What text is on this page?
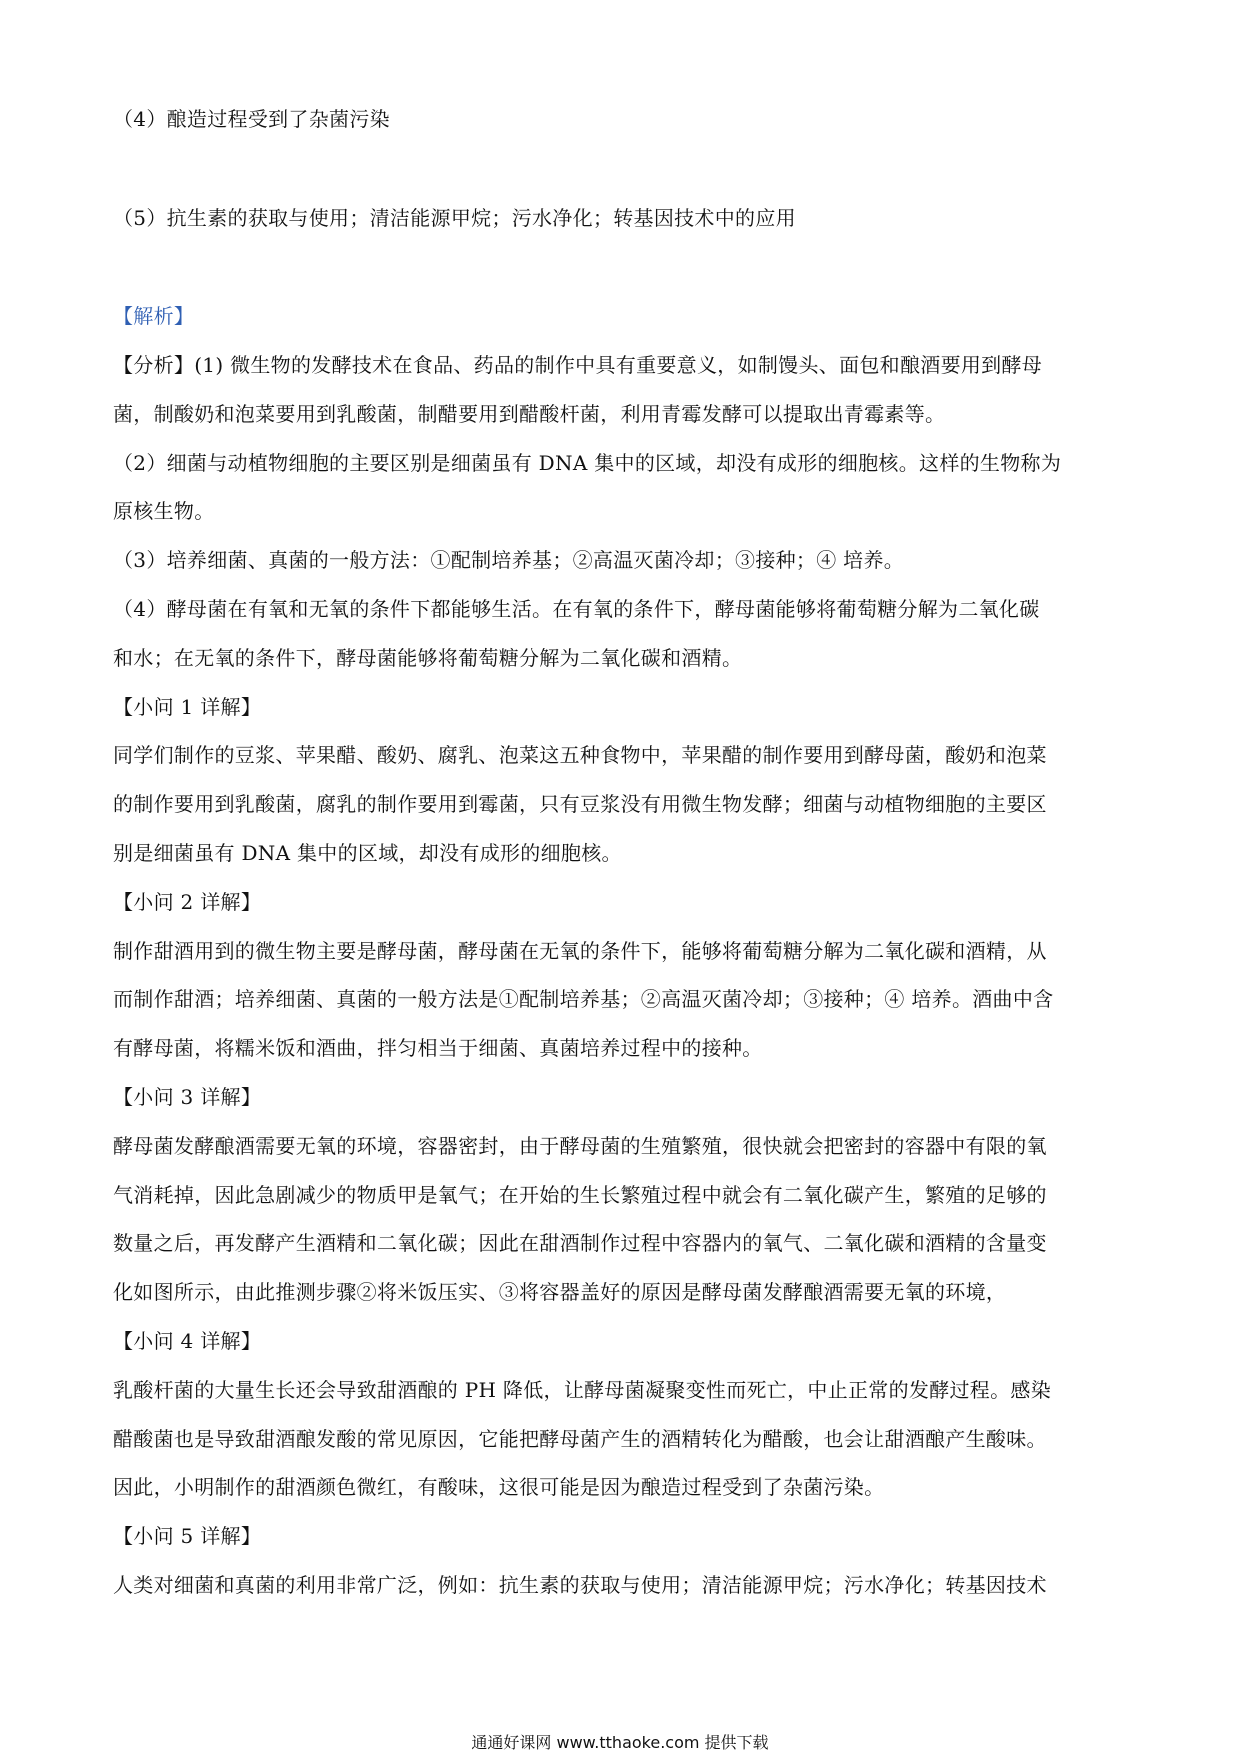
（4）酿造过程受到了杂菌污染
（5）抗生素的获取与使用；清洁能源甲烷；污水净化；转基因技术中的应用
【解析】
【分析】(1) 微生物的发酵技术在食品、药品的制作中具有重要意义，如制馒头、面包和酿酒要用到酵母
菌，制酸奶和泡菜要用到乳酸菌，制醋要用到醋酸杆菌，利用青霉发酵可以提取出青霉素等。
（2）细菌与动植物细胞的主要区别是细菌虽有 DNA 集中的区域，却没有成形的细胞核。这样的生物称为
原核生物。
（3）培养细菌、真菌的一般方法：①配制培养基；②高温灭菌冷却；③接种；④ 培养。
（4）酵母菌在有氧和无氧的条件下都能够生活。在有氧的条件下，酵母菌能够将葡萄糖分解为二氧化碳
和水；在无氧的条件下，酵母菌能够将葡萄糖分解为二氧化碳和酒精。
【小问 1 详解】
同学们制作的豆浆、苹果醋、酸奶、腐乳、泡菜这五种食物中，苹果醋的制作要用到酵母菌，酸奶和泡菜
的制作要用到乳酸菌，腐乳的制作要用到霉菌，只有豆浆没有用微生物发酵；细菌与动植物细胞的主要区
别是细菌虽有 DNA 集中的区域，却没有成形的细胞核。
【小问 2 详解】
制作甜酒用到的微生物主要是酵母菌，酵母菌在无氧的条件下，能够将葡萄糖分解为二氧化碳和酒精，从
而制作甜酒；培养细菌、真菌的一般方法是①配制培养基；②高温灭菌冷却；③接种；④ 培养。酒曲中含
有酵母菌，将糯米饭和酒曲，拌匀相当于细菌、真菌培养过程中的接种。
【小问 3 详解】
酵母菌发酵酿酒需要无氧的环境，容器密封，由于酵母菌的生殖繁殖，很快就会把密封的容器中有限的氧
气消耗掉，因此急剧减少的物质甲是氧气；在开始的生长繁殖过程中就会有二氧化碳产生，繁殖的足够的
数量之后，再发酵产生酒精和二氧化碳；因此在甜酒制作过程中容器内的氧气、二氧化碳和酒精的含量变
化如图所示，由此推测步骤②将米饭压实、③将容器盖好的原因是酵母菌发酵酿酒需要无氧的环境，
【小问 4 详解】
乳酸杆菌的大量生长还会导致甜酒酿的 PH 降低，让酵母菌凝聚变性而死亡，中止正常的发酵过程。感染
醋酸菌也是导致甜酒酿发酸的常见原因，它能把酵母菌产生的酒精转化为醋酸，也会让甜酒酿产生酸味。
因此，小明制作的甜酒颜色微红，有酸味，这很可能是因为酿造过程受到了杂菌污染。
【小问 5 详解】
人类对细菌和真菌的利用非常广泛，例如：抗生素的获取与使用；清洁能源甲烷；污水净化；转基因技术
通通好课网 www.tthaoke.com 提供下载
